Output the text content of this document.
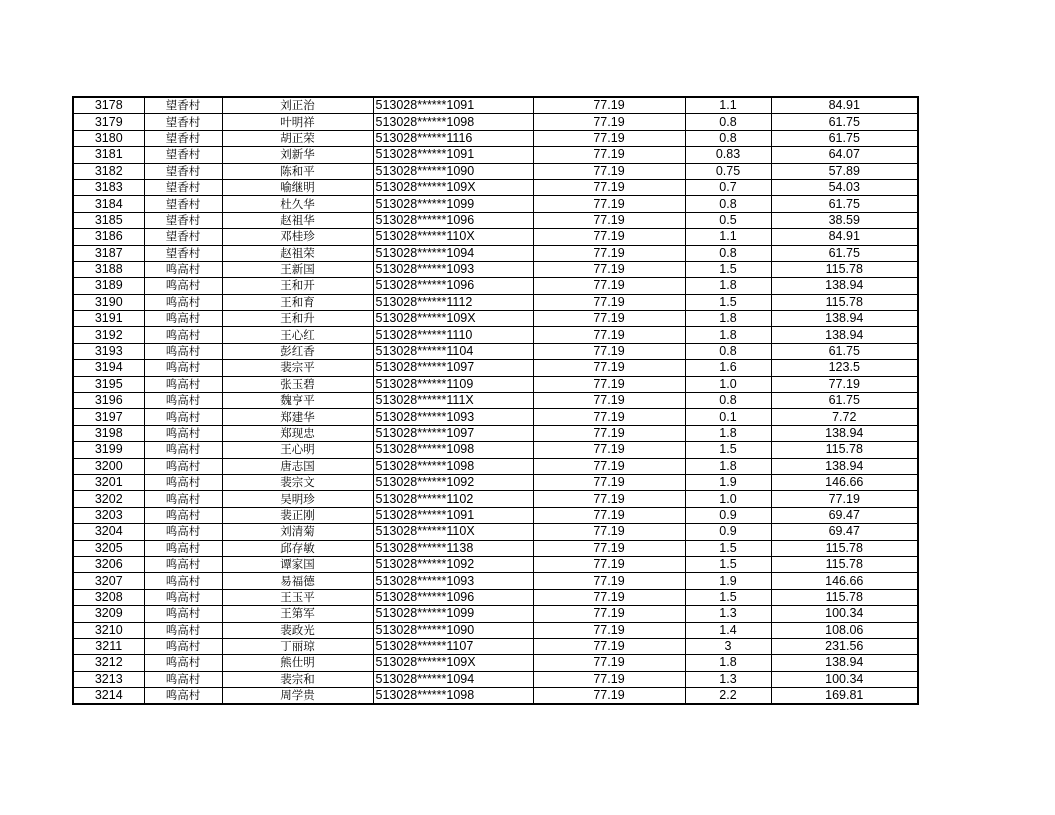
3178	望香村	刘正治	513028******1091	77.19	1.1	84.91
3179	望香村	叶明祥	513028******1098	77.19	0.8	61.75
3180	望香村	胡正荣	513028******1116	77.19	0.8	61.75
3181	望香村	刘新华	513028******1091	77.19	0.83	64.07
3182	望香村	陈和平	513028******1090	77.19	0.75	57.89
3183	望香村	喻继明	513028******109X	77.19	0.7	54.03
3184	望香村	杜久华	513028******1099	77.19	0.8	61.75
3185	望香村	赵祖华	513028******1096	77.19	0.5	38.59
3186	望香村	邓桂珍	513028******110X	77.19	1.1	84.91
3187	望香村	赵祖荣	513028******1094	77.19	0.8	61.75
3188	鸣高村	王新国	513028******1093	77.19	1.5	115.78
3189	鸣高村	王和开	513028******1096	77.19	1.8	138.94
3190	鸣高村	王和育	513028******1112	77.19	1.5	115.78
3191	鸣高村	王和升	513028******109X	77.19	1.8	138.94
3192	鸣高村	王心红	513028******1110	77.19	1.8	138.94
3193	鸣高村	彭红香	513028******1104	77.19	0.8	61.75
3194	鸣高村	裴宗平	513028******1097	77.19	1.6	123.5
3195	鸣高村	张玉碧	513028******1109	77.19	1.0	77.19
3196	鸣高村	魏亨平	513028******111X	77.19	0.8	61.75
3197	鸣高村	郑建华	513028******1093	77.19	0.1	7.72
3198	鸣高村	郑现忠	513028******1097	77.19	1.8	138.94
3199	鸣高村	王心明	513028******1098	77.19	1.5	115.78
3200	鸣高村	唐志国	513028******1098	77.19	1.8	138.94
3201	鸣高村	裴宗文	513028******1092	77.19	1.9	146.66
3202	鸣高村	吴明珍	513028******1102	77.19	1.0	77.19
3203	鸣高村	裴正刚	513028******1091	77.19	0.9	69.47
3204	鸣高村	刘清菊	513028******110X	77.19	0.9	69.47
3205	鸣高村	邱存敏	513028******1138	77.19	1.5	115.78
3206	鸣高村	谭家国	513028******1092	77.19	1.5	115.78
3207	鸣高村	易福德	513028******1093	77.19	1.9	146.66
3208	鸣高村	王玉平	513028******1096	77.19	1.5	115.78
3209	鸣高村	王第军	513028******1099	77.19	1.3	100.34
3210	鸣高村	裴政光	513028******1090	77.19	1.4	108.06
3211	鸣高村	丁丽琼	513028******1107	77.19	3	231.56
3212	鸣高村	熊仕明	513028******109X	77.19	1.8	138.94
3213	鸣高村	裴宗和	513028******1094	77.19	1.3	100.34
3214	鸣高村	周学贵	513028******1098	77.19	2.2	169.81
